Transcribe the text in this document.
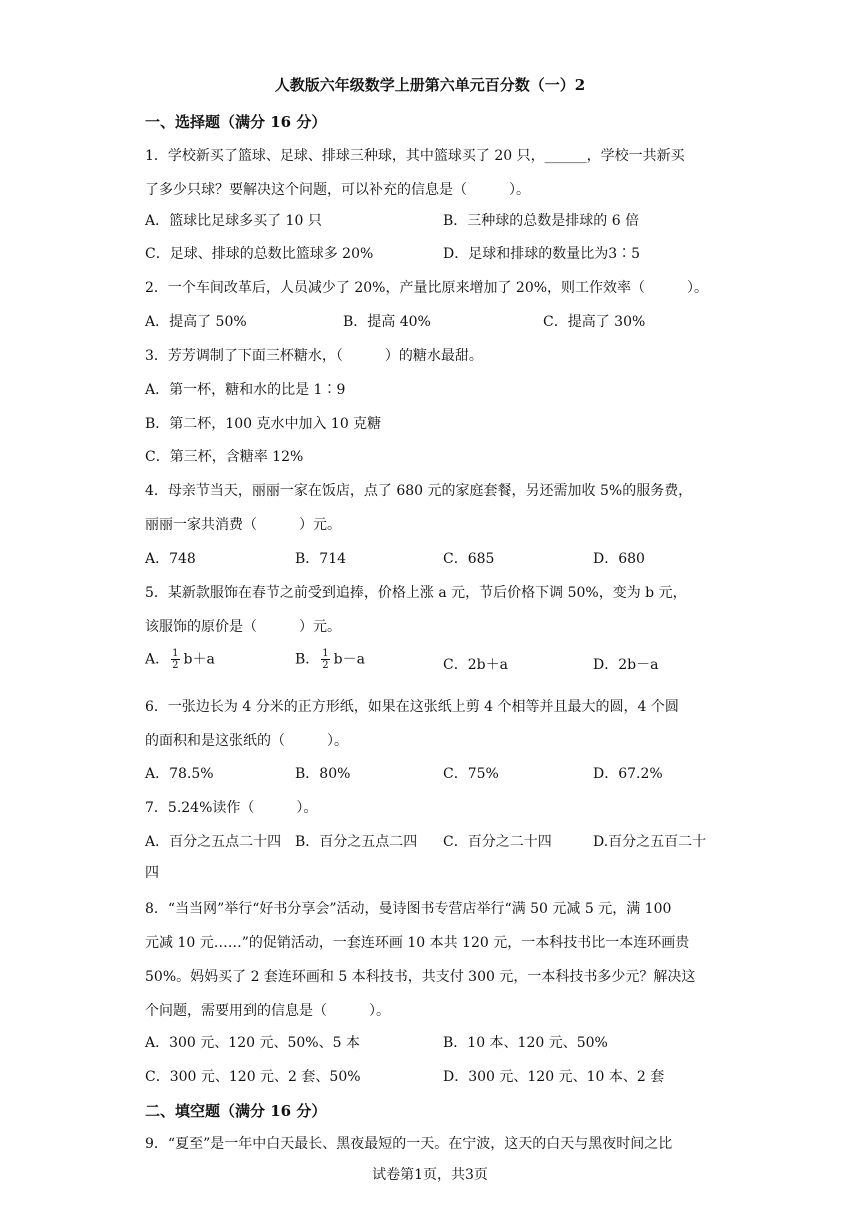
人教版六年级数学上册第六单元百分数（一）2
一、选择题（满分 16 分）
1．学校新买了篮球、足球、排球三种球，其中篮球买了 20 只，______，学校一共新买
了多少只球？要解决这个问题，可以补充的信息是（　　　）。
A．篮球比足球多买了 10 只	B．三种球的总数是排球的 6 倍
C．足球、排球的总数比篮球多 20%	D．足球和排球的数量比为3∶5
2．一个车间改革后，人员减少了 20%，产量比原来增加了 20%，则工作效率（　　　）。
A．提高了 50%	B．提高 40%	C．提高了 30%
3．芳芳调制了下面三杯糖水，（　　　）的糖水最甜。
A．第一杯，糖和水的比是 1∶9
B．第二杯，100 克水中加入 10 克糖
C．第三杯，含糖率 12%
4．母亲节当天，丽丽一家在饭店，点了 680 元的家庭套餐，另还需加收 5%的服务费，
丽丽一家共消费（　　　）元。
A．748	B．714	C．685	D．680
5．某新款服饰在春节之前受到追捧，价格上涨 a 元，节后价格下调 50%，变为 b 元，
该服饰的原价是（　　　）元。
A． $\frac{1}{2} b+a$	B． $\frac{1}{2} b-a$	C．2b＋a	D．2b－a
6．一张边长为 4 分米的正方形纸，如果在这张纸上剪 4 个相等并且最大的圆，4 个圆
的面积和是这张纸的（　　　）。
A．78.5%	B．80%	C．75%	D．67.2%
7．5.24%读作（　　　）。
A．百分之五点二十四 B．百分之五点二四 C．百分之二十四	D.百分之五百二十
四
8．“当当网”举行“好书分享会”活动，曼诗图书专营店举行“满 50 元减 5 元，满 100
元减 10 元……”的促销活动，一套连环画 10 本共 120 元，一本科技书比一本连环画贵
50%。妈妈买了 2 套连环画和 5 本科技书，共支付 300 元，一本科技书多少元？解决这
个问题，需要用到的信息是（　　　）。
A．300 元、120 元、50%、5 本	B．10 本、120 元、50%
C．300 元、120 元、2 套、50%	D．300 元、120 元、10 本、2 套
二、填空题（满分 16 分）
9．“夏至”是一年中白天最长、黑夜最短的一天。在宁波，这天的白天与黑夜时间之比
试卷第1页，共3页
